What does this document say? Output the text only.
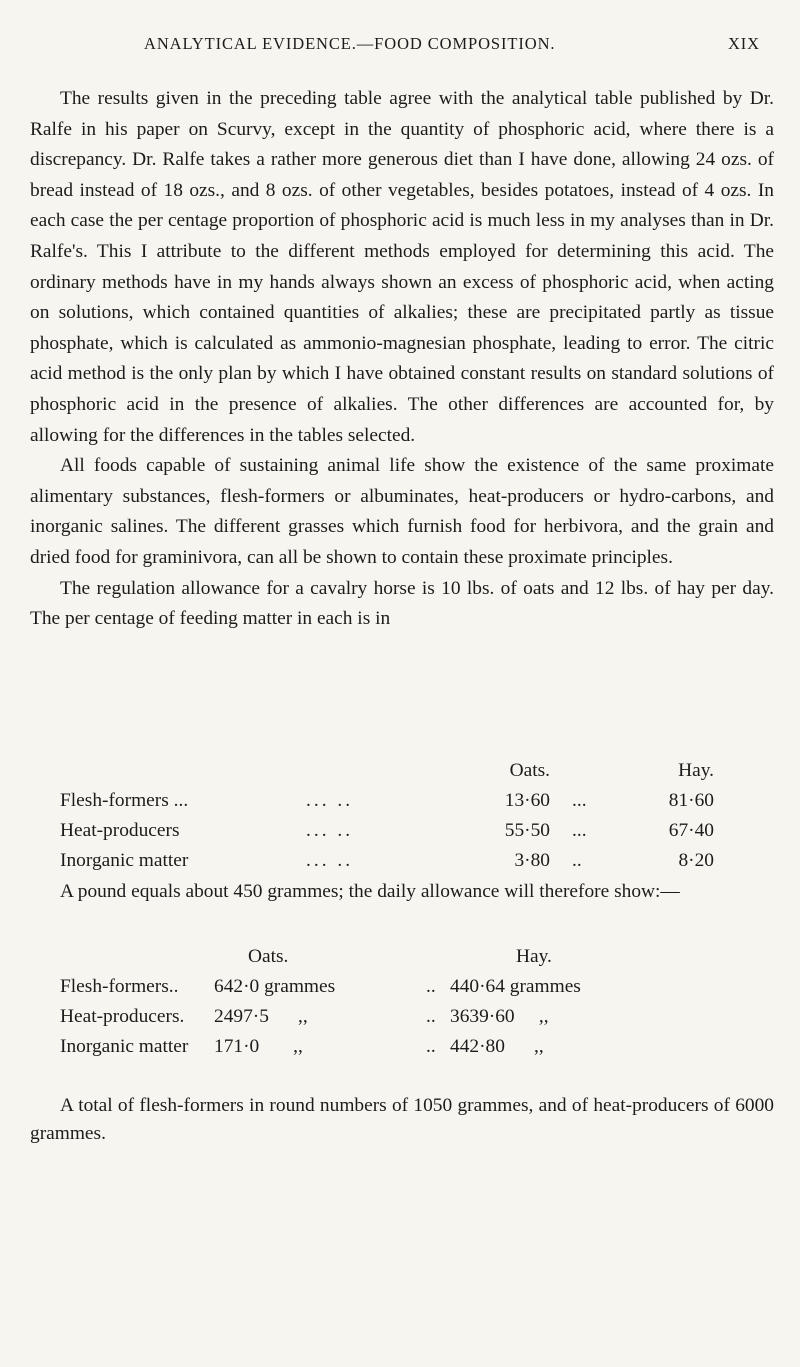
ANALYTICAL EVIDENCE.—FOOD COMPOSITION.	XIX

The results given in the preceding table agree with the analytical table published by Dr. Ralfe in his paper on Scurvy, except in the quantity of phosphoric acid, where there is a discrepancy. Dr. Ralfe takes a rather more generous diet than I have done, allowing 24 ozs. of bread instead of 18 ozs., and 8 ozs. of other vegetables, besides potatoes, instead of 4 ozs. In each case the per centage proportion of phosphoric acid is much less in my analyses than in Dr. Ralfe's. This I attribute to the different methods employed for determining this acid. The ordinary methods have in my hands always shown an excess of phosphoric acid, when acting on solutions, which contained quantities of alkalies; these are precipitated partly as tissue phosphate, which is calculated as ammonio-magnesian phosphate, leading to error. The citric acid method is the only plan by which I have obtained constant results on standard solutions of phosphoric acid in the presence of alkalies. The other differences are accounted for, by allowing for the differences in the tables selected.

All foods capable of sustaining animal life show the existence of the same proximate alimentary substances, flesh-formers or albuminates, heat-producers or hydro-carbons, and inorganic salines. The different grasses which furnish food for herbivora, and the grain and dried food for graminivora, can all be shown to contain these proximate principles.

The regulation allowance for a cavalry horse is 10 lbs. of oats and 12 lbs. of hay per day. The per centage of feeding matter in each is in

Oats.	Hay.
Flesh-formers ...	... ..	13·60 ...	81·60
Heat-producers	... ..	55·50 ...	67·40
Inorganic matter	... ..	3·80 ..	8·20

A pound equals about 450 grammes; the daily allowance will therefore show:—

Oats.	Hay.
Flesh-formers.. 642·0 grammes	.. 440·64 grammes
Heat-producers. 2497·5      ,,	.. 3639·60     ,,
Inorganic matter 171·0       ,,	.. 442·80      ,,

A total of flesh-formers in round numbers of 1050 grammes, and of heat-producers of 6000 grammes.
